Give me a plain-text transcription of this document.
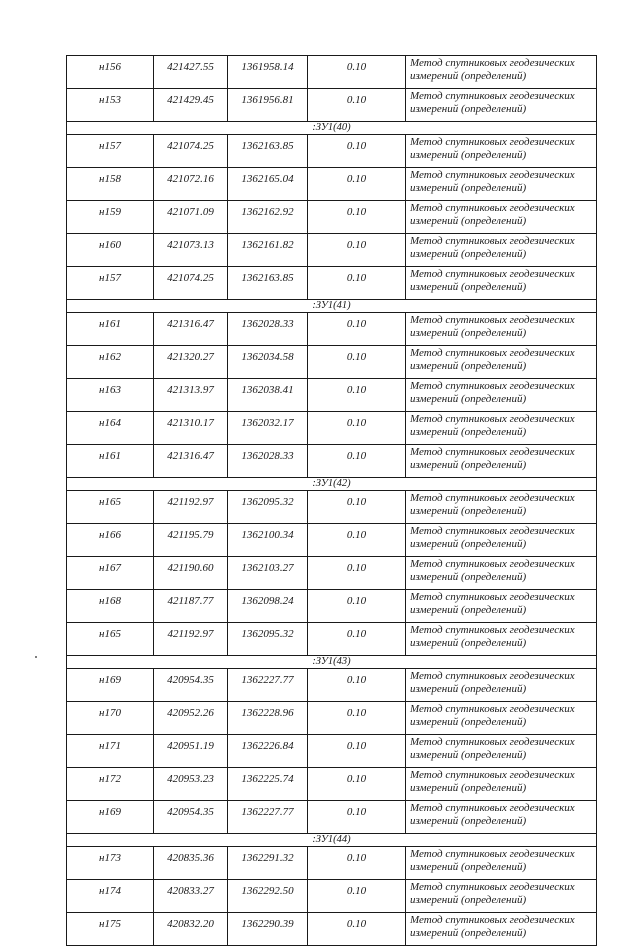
н156	421427.55	1361958.14	0.10	Метод спутниковых геодезических
измерений (определений)

н153	421429.45	1361956.81	0.10	Метод спутниковых геодезических
измерений (определений)

:ЗУ1(40)				
н157	421074.25	1362163.85	0.10	Метод спутниковых геодезических
измерений (определений)

н158	421072.16	1362165.04	0.10	Метод спутниковых геодезических
измерений (определений)

н159	421071.09	1362162.92	0.10	Метод спутниковых геодезических
измерений (определений)

н160	421073.13	1362161.82	0.10	Метод спутниковых геодезических
измерений (определений)

н157	421074.25	1362163.85	0.10	Метод спутниковых геодезических
измерений (определений)

:ЗУ1(41)				
н161	421316.47	1362028.33	0.10	Метод спутниковых геодезических
измерений (определений)

н162	421320.27	1362034.58	0.10	Метод спутниковых геодезических
измерений (определений)

н163	421313.97	1362038.41	0.10	Метод спутниковых геодезических
измерений (определений)

н164	421310.17	1362032.17	0.10	Метод спутниковых геодезических
измерений (определений)

н161	421316.47	1362028.33	0.10	Метод спутниковых геодезических
измерений (определений)

:ЗУ1(42)				
н165	421192.97	1362095.32	0.10	Метод спутниковых геодезических
измерений (определений)

н166	421195.79	1362100.34	0.10	Метод спутниковых геодезических
измерений (определений)

н167	421190.60	1362103.27	0.10	Метод спутниковых геодезических
измерений (определений)

н168	421187.77	1362098.24	0.10	Метод спутниковых геодезических
измерений (определений)

н165	421192.97	1362095.32	0.10	Метод спутниковых геодезических
измерений (определений)

:ЗУ1(43)				
н169	420954.35	1362227.77	0.10	Метод спутниковых геодезических
измерений (определений)

н170	420952.26	1362228.96	0.10	Метод спутниковых геодезических
измерений (определений)

н171	420951.19	1362226.84	0.10	Метод спутниковых геодезических
измерений (определений)

н172	420953.23	1362225.74	0.10	Метод спутниковых геодезических
измерений (определений)

н169	420954.35	1362227.77	0.10	Метод спутниковых геодезических
измерений (определений)

:ЗУ1(44)				
н173	420835.36	1362291.32	0.10	Метод спутниковых геодезических
измерений (определений)

н174	420833.27	1362292.50	0.10	Метод спутниковых геодезических
измерений (определений)

н175	420832.20	1362290.39	0.10	Метод спутниковых геодезических
измерений (определений)
